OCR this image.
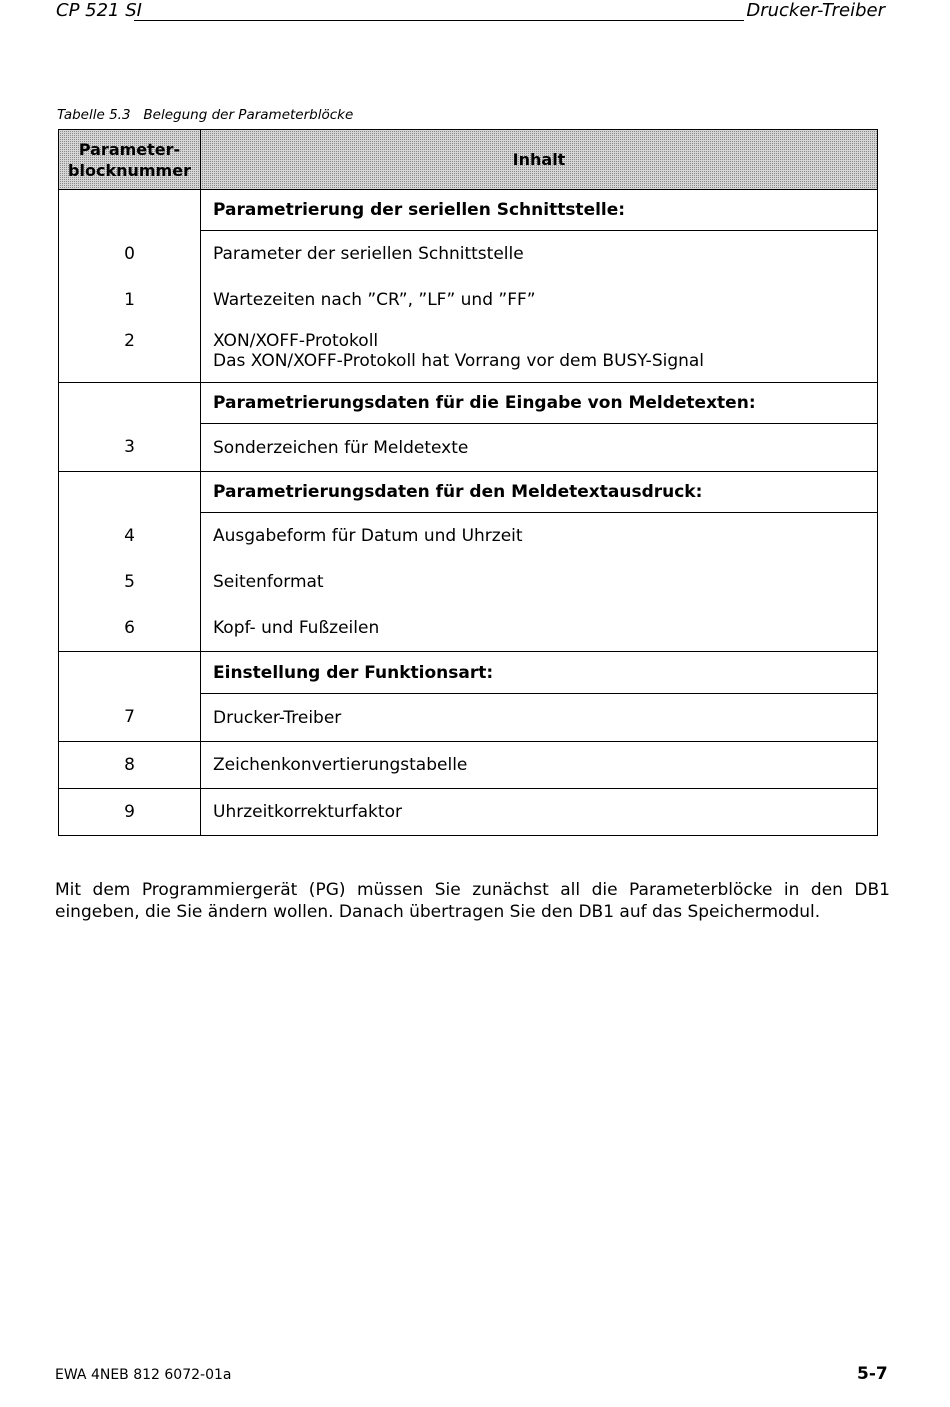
CP 521 SI	Drucker-Treiber
Tabelle 5.3   Belegung der Parameterblöcke
Parameter-
blocknummer	Inhalt
	Parametrierung der seriellen Schnittstelle:
0	Parameter der seriellen Schnittstelle
1	Wartezeiten nach ”CR”, ”LF” und ”FF”
2	XON/XOFF-Protokoll
Das XON/XOFF-Protokoll hat Vorrang vor dem BUSY-Signal

	Parametrierungsdaten für die Eingabe von Meldetexten:
3	Sonderzeichen für Meldetexte
	Parametrierungsdaten für den Meldetextausdruck:
4	Ausgabeform für Datum und Uhrzeit
5	Seitenformat
6	Kopf- und Fußzeilen
	Einstellung der Funktionsart:
7	Drucker-Treiber
8	Zeichenkonvertierungstabelle
9	Uhrzeitkorrekturfaktor
Mit dem Programmiergerät (PG) müssen Sie zunächst all die Parameterblöcke in den DB1 eingeben, die Sie ändern wollen. Danach übertragen Sie den DB1 auf das Speichermodul.
EWA 4NEB 812 6072-01a	5-7
